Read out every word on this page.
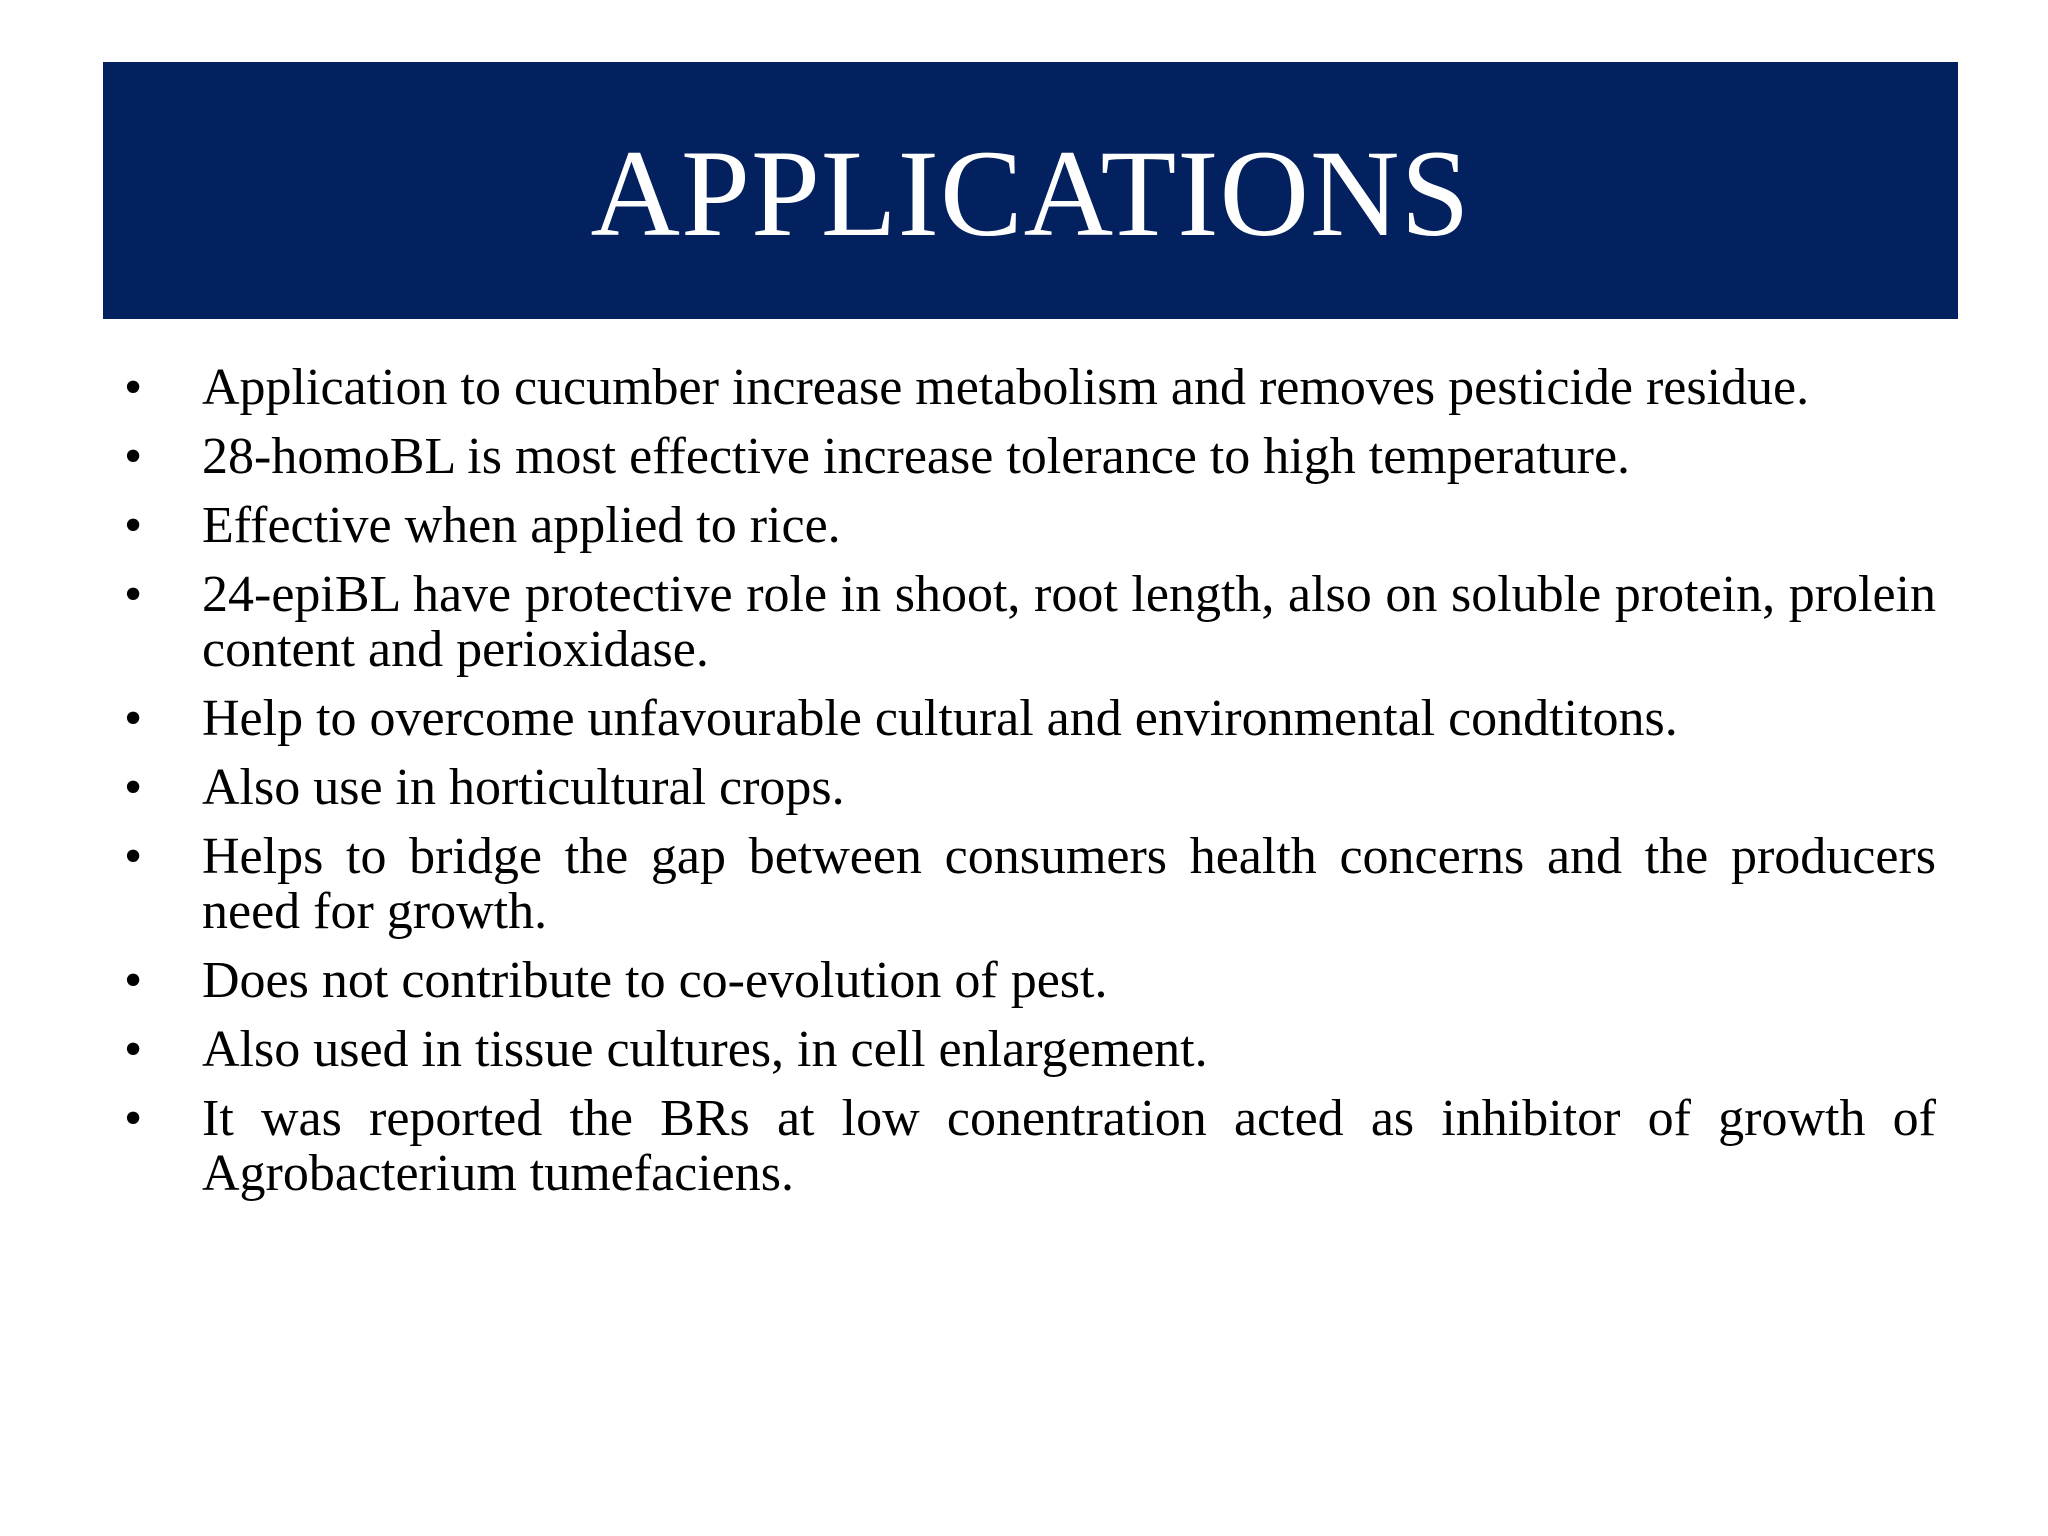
APPLICATIONS
• Application to cucumber increase metabolism and removes pesticide residue.
• 28-homoBL is most effective increase tolerance to high temperature.
• Effective when applied to rice.
• 24-epiBL have protective role in shoot, root length, also on soluble protein, prolein content and perioxidase.
• Help to overcome unfavourable cultural and environmental condtitons.
• Also use in horticultural crops.
• Helps to bridge the gap between consumers health concerns and the producers need for growth.
• Does not contribute to co-evolution of pest.
• Also used in tissue cultures, in cell enlargement.
• It was reported the BRs at low conentration acted as inhibitor of growth of Agrobacterium tumefaciens.
